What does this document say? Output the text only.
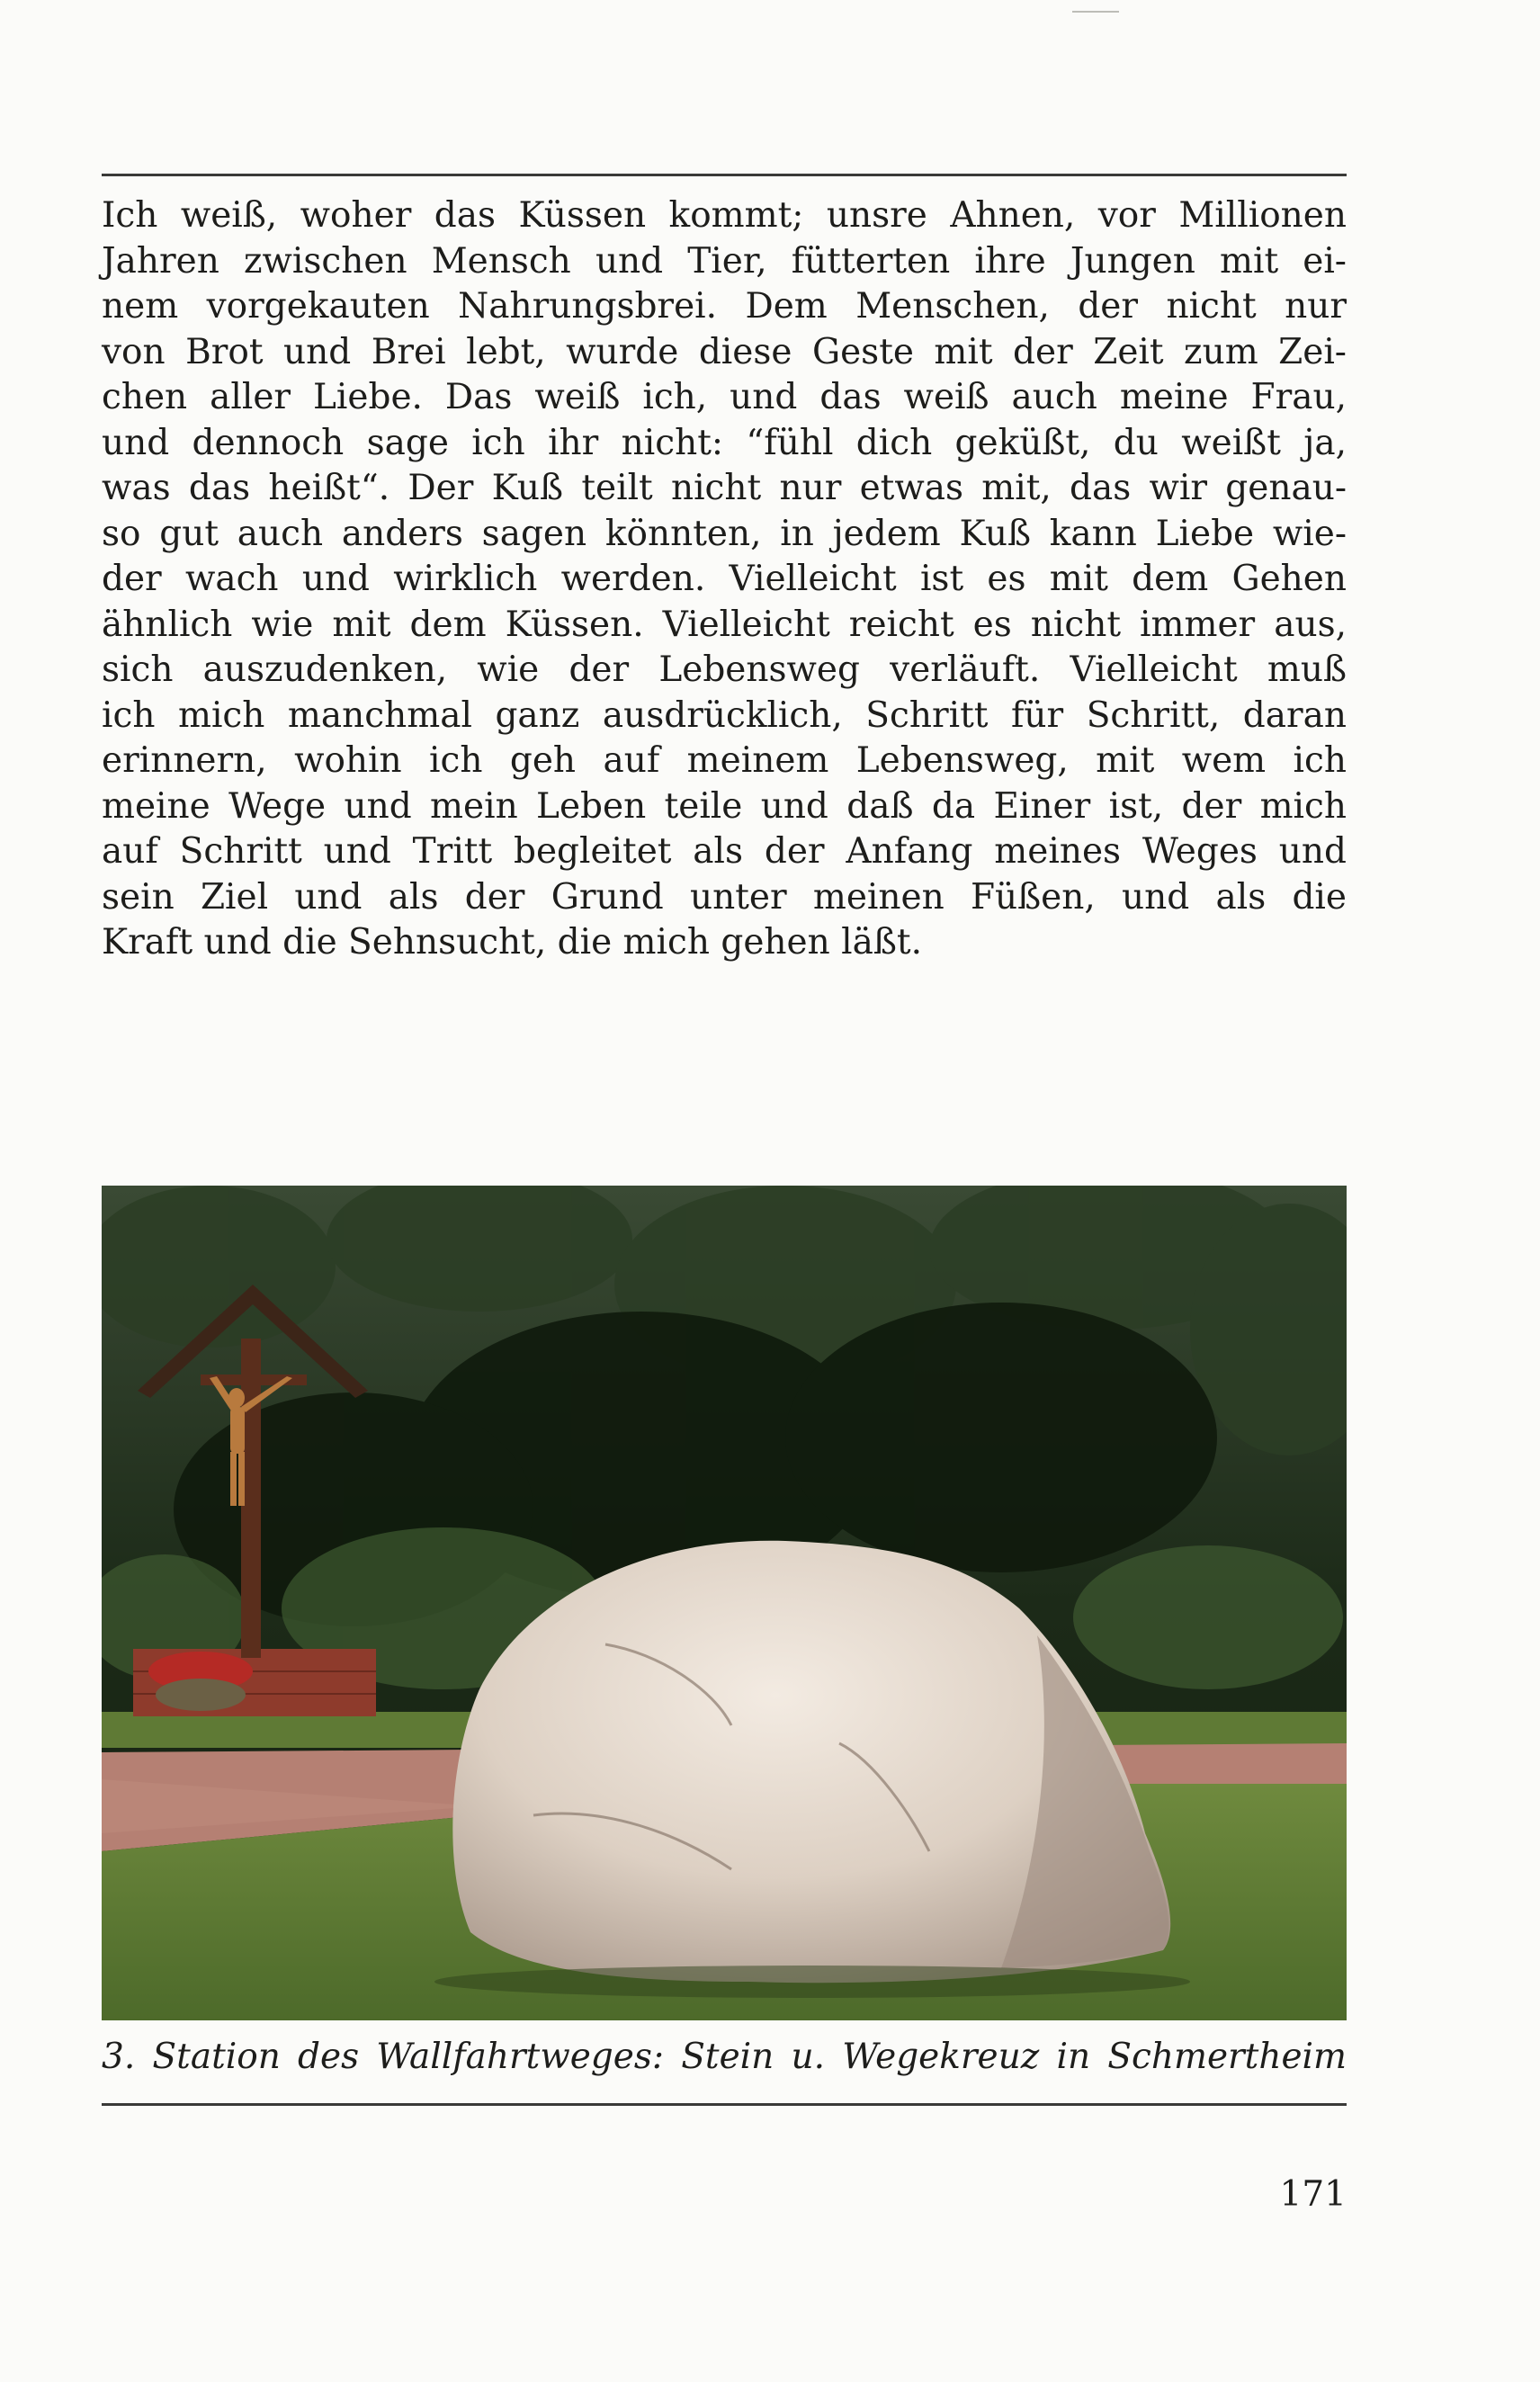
Ich weiß, woher das Küssen kommt; unsre Ahnen, vor Millionen
Jahren zwischen Mensch und Tier, fütterten ihre Jungen mit ei-
nem vorgekauten Nahrungsbrei. Dem Menschen, der nicht nur
von Brot und Brei lebt, wurde diese Geste mit der Zeit zum Zei-
chen aller Liebe. Das weiß ich, und das weiß auch meine Frau,
und dennoch sage ich ihr nicht: “fühl dich geküßt, du weißt ja,
was das heißt“. Der Kuß teilt nicht nur etwas mit, das wir genau-
so gut auch anders sagen könnten, in jedem Kuß kann Liebe wie-
der wach und wirklich werden. Vielleicht ist es mit dem Gehen
ähnlich wie mit dem Küssen. Vielleicht reicht es nicht immer aus,
sich auszudenken, wie der Lebensweg verläuft. Vielleicht muß
ich mich manchmal ganz ausdrücklich, Schritt für Schritt, daran
erinnern, wohin ich geh auf meinem Lebensweg, mit wem ich
meine Wege und mein Leben teile und daß da Einer ist, der mich
auf Schritt und Tritt begleitet als der Anfang meines Weges und
sein Ziel und als der Grund unter meinen Füßen, und als die
Kraft und die Sehnsucht, die mich gehen läßt.

3. Station des Wallfahrtweges: Stein u. Wegekreuz in Schmertheim

171
